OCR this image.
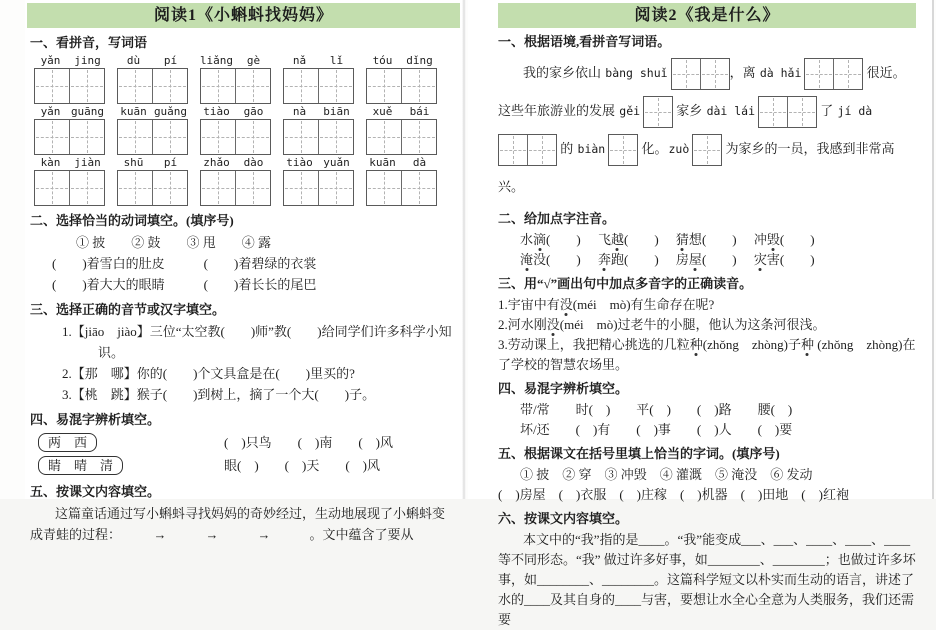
阅读1《小蝌蚪找妈妈》
一、看拼音，写词语
yǎn	jing	dù	pí	liǎng	gè	nǎ	lǐ	tóu	dǐng
yǎn guāng	kuān guǎng	tiào	gāo	nà	biān	xuě	bái
kàn	jiàn	shū	pí	zhǎo	dào	tiào yuǎn	kuān	dà
二、选择恰当的动词填空。(填序号)
① 披　　② 鼓　　③ 甩　　④ 露
(　　)着雪白的肚皮　　　(　　)着碧绿的衣裳
(　　)着大大的眼睛　　　(　　)着长长的尾巴
三、选择正确的音节或汉字填空。
1.【jiāo　jiào】三位“太空教(　　)师”教(　　)给同学们许多科学小知识。
2.【那　哪】你的(　　)个文具盒是在(　　)里买的?
3.【桃　跳】猴子(　　)到树上，摘了一个大(　　)子。
四、易混字辨析填空。
两　西	(　)只鸟　　(　)南　　(　)风
睛　晴　清	眼(　)　　(　)天　　(　)风
五、按课文内容填空。
这篇童话通过写小蝌蚪寻找妈妈的奇妙经过，生动地展现了小蝌蚪变成青蛙的过程：　　　→　　　→　　　→　　　。文中蕴含了要从
阅读2《我是什么》
一、根据语境,看拼音写词语。
我的家乡依山 bàng shuǐ	，离 dà hǎi	很近。这些年旅游业的发展 gěi	家乡 dài lái	了 jí dà
的 biàn	化。zuò	为家乡的一员，我感到非常高兴。
二、给加点字注音。
水滴(　　) 飞越(　　) 猜想(　　) 冲毁(　　)
淹没(　　) 奔跑(　　) 房屋(　　) 灾害(　　)
三、用“√”画出句中加点多音字的正确读音。
1.宇宙中有没(méi　mò)有生命存在呢?
2.河水刚没(méi　mò)过老牛的小腿，他认为这条河很浅。
3.劳动课上，我把精心挑选的几粒种(zhǒng　zhòng)子种 (zhǒng　zhòng)在了学校的智慧农场里。
四、易混字辨析填空。
带/常　　时(　)　　平(　)　　(　)路　　腰(　)
坏/还　　(　)有　　(　)事　　(　)人　　(　)要
五、根据课文在括号里填上恰当的字词。(填序号)
① 披　② 穿　③ 冲毁　④ 灌溉　⑤ 淹没　⑥ 发动
(　)房屋　(　)衣服　(　)庄稼　(　)机器　(　)田地　(　)红袍
六、按课文内容填空。
本文中的“我”指的是____。“我”能变成___、___、____、____、____等不同形态。“我” 做过许多好事，如________、________；也做过许多坏事，如________、________。这篇科学短文以朴实而生动的语言，讲述了水的____及其自身的____与害，要想让水全心全意为人类服务，我们还需要
